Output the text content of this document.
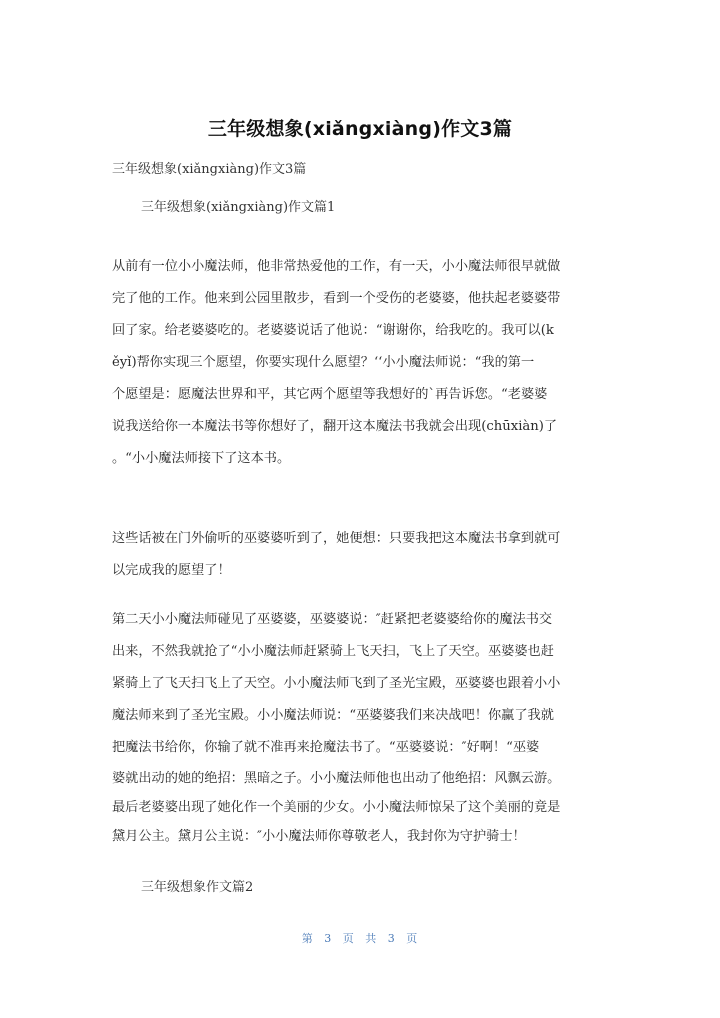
三年级想象(xiǎngxiàng)作文3篇
三年级想象(xiǎngxiàng)作文3篇
三年级想象(xiǎngxiàng)作文篇1
从前有一位小小魔法师，他非常热爱他的工作，有一天，小小魔法师很早就做
完了他的工作。他来到公园里散步，看到一个受伤的老婆婆，他扶起老婆婆带
回了家。给老婆婆吃的。老婆婆说话了他说：“谢谢你，给我吃的。我可以(k
ěyǐ)帮你实现三个愿望，你要实现什么愿望？‘‘小小魔法师说：“我的第一
个愿望是：愿魔法世界和平，其它两个愿望等我想好的`再告诉您。“老婆婆
说我送给你一本魔法书等你想好了，翻开这本魔法书我就会出现(chūxiàn)了
。“小小魔法师接下了这本书。
这些话被在门外偷听的巫婆婆听到了，她便想：只要我把这本魔法书拿到就可
以完成我的愿望了！
第二天小小魔法师碰见了巫婆婆，巫婆婆说：″赶紧把老婆婆给你的魔法书交
出来，不然我就抢了“小小魔法师赶紧骑上飞天扫，飞上了天空。巫婆婆也赶
紧骑上了飞天扫飞上了天空。小小魔法师飞到了圣光宝殿，巫婆婆也跟着小小
魔法师来到了圣光宝殿。小小魔法师说：“巫婆婆我们来决战吧！你赢了我就
把魔法书给你，你输了就不准再来抢魔法书了。“巫婆婆说：″好啊！“巫婆
婆就出动的她的绝招：黑暗之子。小小魔法师他也出动了他绝招：风飘云游。
最后老婆婆出现了她化作一个美丽的少女。小小魔法师惊呆了这个美丽的竟是
黛月公主。黛月公主说：″小小魔法师你尊敬老人，我封你为守护骑士！
三年级想象作文篇2
第 3 页 共 3 页
